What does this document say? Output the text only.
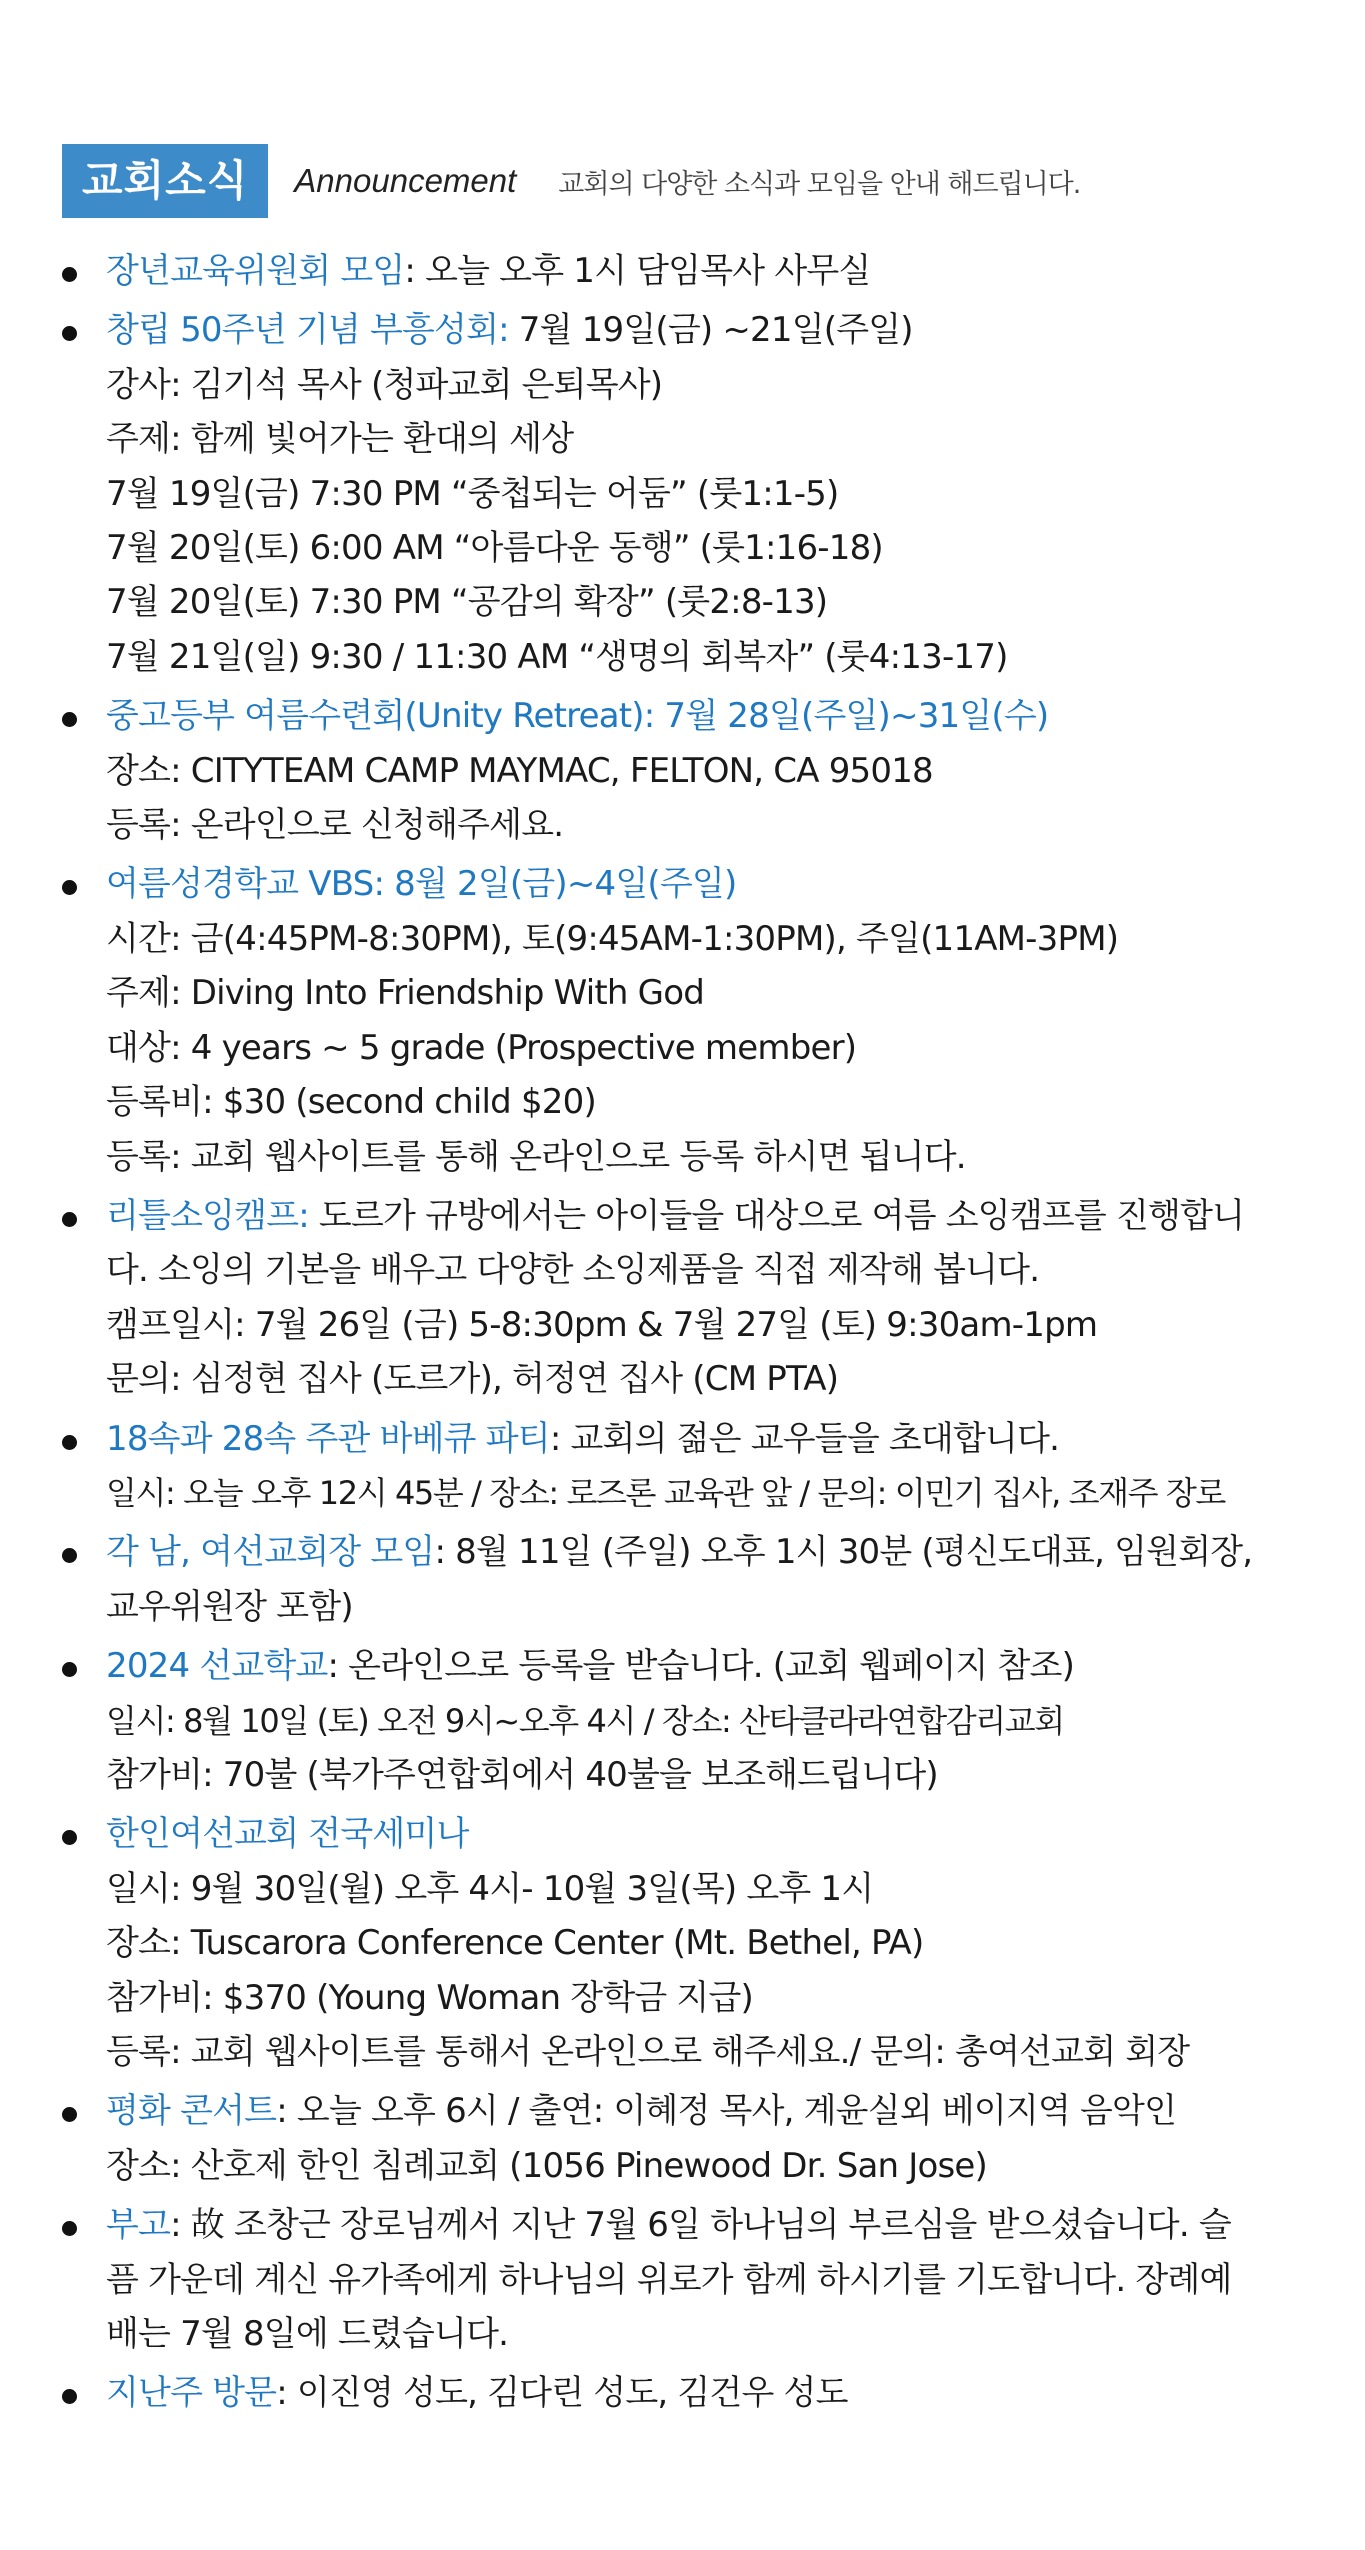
교회소식	Announcement 교회의 다양한 소식과 모임을 안내 해드립니다.
장년교육위원회 모임: 오늘 오후 1시 담임목사 사무실
창립 50주년 기념 부흥성회: 7월 19일(금) ~21일(주일)
강사: 김기석 목사 (청파교회 은퇴목사)
주제: 함께 빛어가는 환대의 세상
7월 19일(금) 7:30 PM “중첩되는 어둠” (룻1:1-5)
7월 20일(토) 6:00 AM “아름다운 동행” (룻1:16-18)
7월 20일(토) 7:30 PM “공감의 확장” (룻2:8-13)
7월 21일(일) 9:30 / 11:30 AM “생명의 회복자” (룻4:13-17)
중고등부 여름수련회(Unity Retreat): 7월 28일(주일)~31일(수)
장소: CITYTEAM CAMP MAYMAC, FELTON, CA 95018
등록: 온라인으로 신청해주세요.
여름성경학교 VBS: 8월 2일(금)~4일(주일)
시간: 금(4:45PM-8:30PM), 토(9:45AM-1:30PM), 주일(11AM-3PM)
주제: Diving Into Friendship With God
대상: 4 years ~ 5 grade (Prospective member)
등록비: $30 (second child $20)
등록: 교회 웹사이트를 통해 온라인으로 등록 하시면 됩니다.
리틀소잉캠프: 도르가 규방에서는 아이들을 대상으로 여름 소잉캠프를 진행합니
다. 소잉의 기본을 배우고 다양한 소잉제품을 직접 제작해 봅니다.
캠프일시: 7월 26일 (금) 5-8:30pm & 7월 27일 (토) 9:30am-1pm
문의: 심정현 집사 (도르가), 허정연 집사 (CM PTA)
18속과 28속 주관 바베큐 파티: 교회의 젊은 교우들을 초대합니다.
일시: 오늘 오후 12시 45분 / 장소: 로즈론 교육관 앞 / 문의: 이민기 집사, 조재주 장로
각 남, 여선교회장 모임: 8월 11일 (주일) 오후 1시 30분 (평신도대표, 임원회장,
교우위원장 포함)
2024 선교학교: 온라인으로 등록을 받습니다. (교회 웹페이지 참조)
일시: 8월 10일 (토) 오전 9시~오후 4시 / 장소: 산타클라라연합감리교회
참가비: 70불 (북가주연합회에서 40불을 보조해드립니다)
한인여선교회 전국세미나
일시: 9월 30일(월) 오후 4시- 10월 3일(목) 오후 1시
장소: Tuscarora Conference Center (Mt. Bethel, PA)
참가비: $370 (Young Woman 장학금 지급)
등록: 교회 웹사이트를 통해서 온라인으로 해주세요./ 문의: 총여선교회 회장
평화 콘서트: 오늘 오후 6시 / 출연: 이혜정 목사, 계윤실외 베이지역 음악인
장소: 산호제 한인 침례교회 (1056 Pinewood Dr. San Jose)
부고: 故 조창근 장로님께서 지난 7월 6일 하나님의 부르심을 받으셨습니다. 슬
픔 가운데 계신 유가족에게 하나님의 위로가 함께 하시기를 기도합니다. 장례예
배는 7월 8일에 드렸습니다.
지난주 방문: 이진영 성도, 김다린 성도, 김건우 성도
